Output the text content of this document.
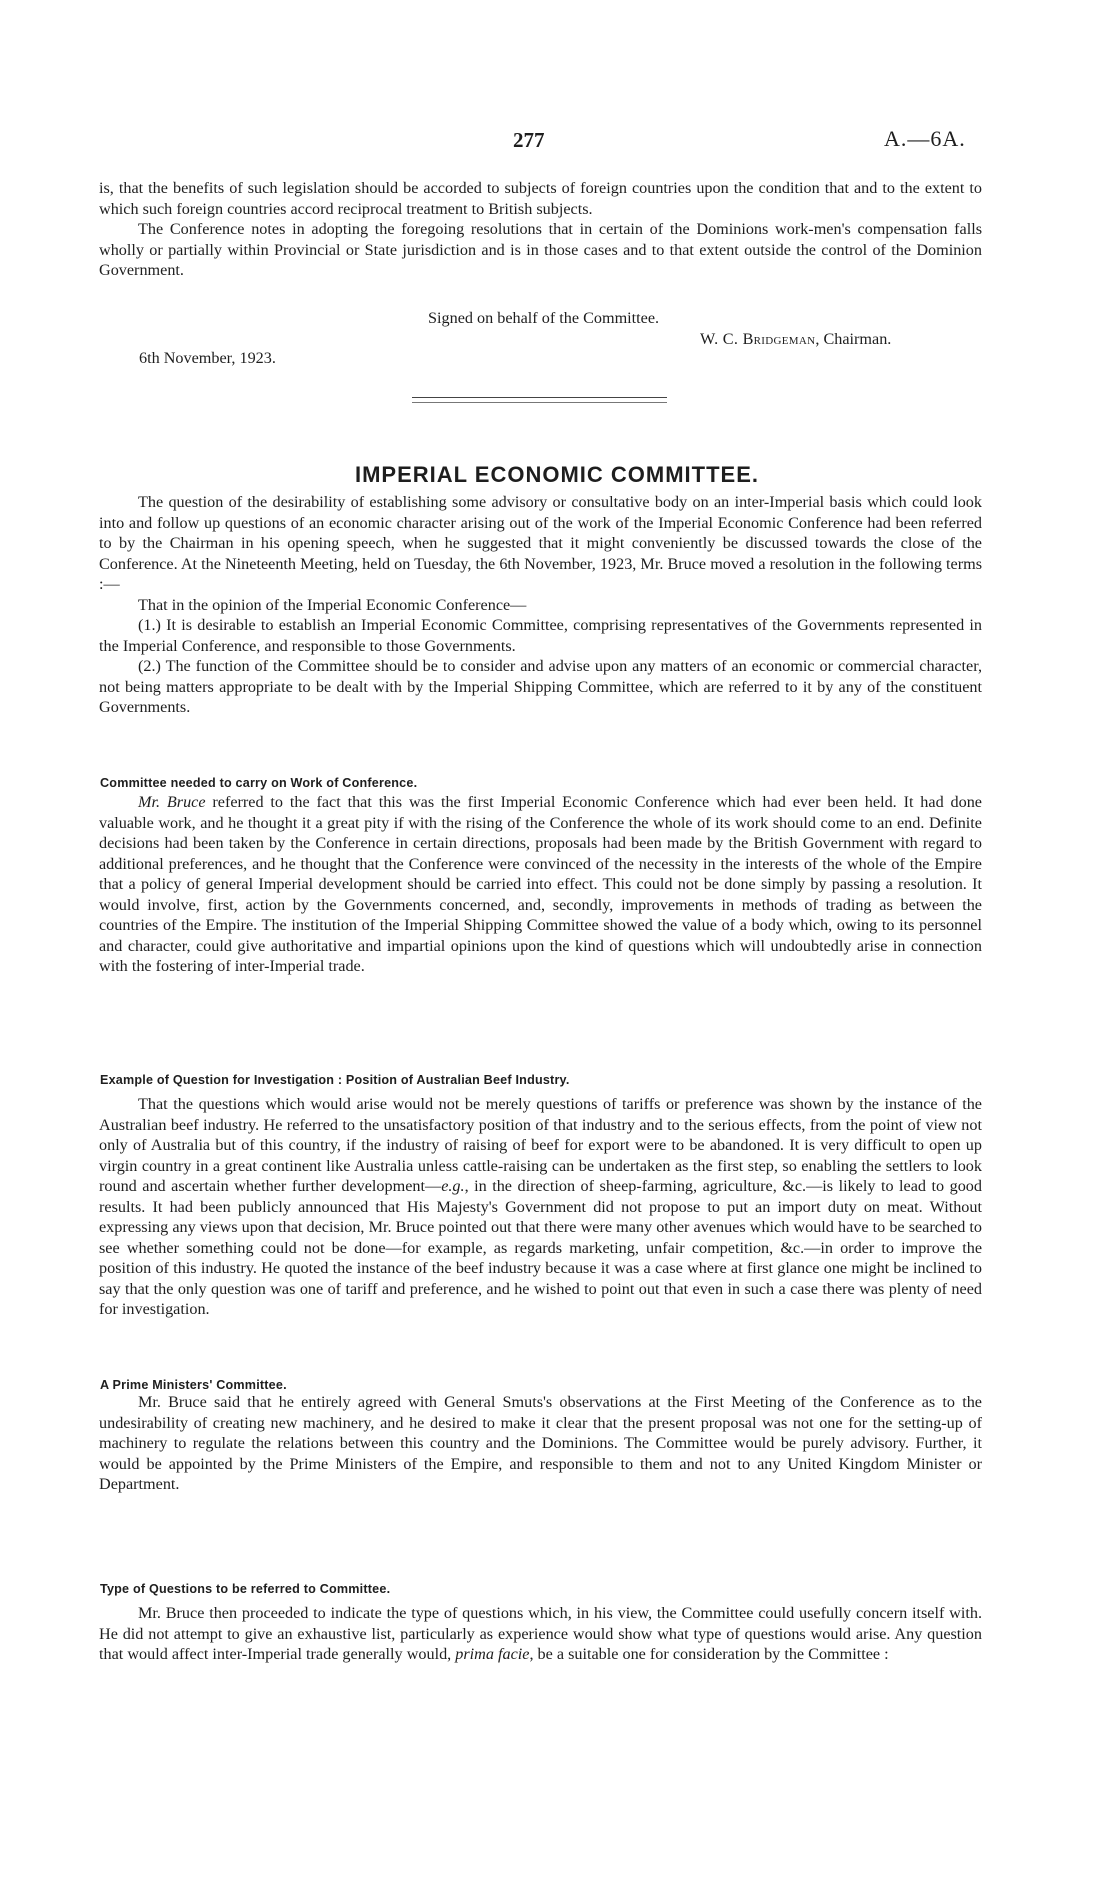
277	A.—6A.

is, that the benefits of such legislation should be accorded to subjects of foreign countries upon the condition that and to the extent to which such foreign countries accord reciprocal treatment to British subjects.

The Conference notes in adopting the foregoing resolutions that in certain of the Dominions work-men's compensation falls wholly or partially within Provincial or State jurisdiction and is in those cases and to that extent outside the control of the Dominion Government.

Signed on behalf of the Committee.
W. C. Bridgeman, Chairman.
6th November, 1923.
IMPERIAL ECONOMIC COMMITTEE.

The question of the desirability of establishing some advisory or consultative body on an inter-Imperial basis which could look into and follow up questions of an economic character arising out of the work of the Imperial Economic Conference had been referred to by the Chairman in his opening speech, when he suggested that it might conveniently be discussed towards the close of the Conference. At the Nineteenth Meeting, held on Tuesday, the 6th November, 1923, Mr. Bruce moved a resolution in the following terms :—

That in the opinion of the Imperial Economic Conference—

(1.) It is desirable to establish an Imperial Economic Committee, comprising representatives of the Governments represented in the Imperial Conference, and responsible to those Governments.

(2.) The function of the Committee should be to consider and advise upon any matters of an economic or commercial character, not being matters appropriate to be dealt with by the Imperial Shipping Committee, which are referred to it by any of the constituent Governments.

Committee needed to carry on Work of Conference.

Mr. Bruce referred to the fact that this was the first Imperial Economic Conference which had ever been held. It had done valuable work, and he thought it a great pity if with the rising of the Conference the whole of its work should come to an end. Definite decisions had been taken by the Conference in certain directions, proposals had been made by the British Government with regard to additional preferences, and he thought that the Conference were convinced of the necessity in the interests of the whole of the Empire that a policy of general Imperial development should be carried into effect. This could not be done simply by passing a resolution. It would involve, first, action by the Governments concerned, and, secondly, improvements in methods of trading as between the countries of the Empire. The institution of the Imperial Shipping Committee showed the value of a body which, owing to its personnel and character, could give authoritative and impartial opinions upon the kind of questions which will undoubtedly arise in connection with the fostering of inter-Imperial trade.

Example of Question for Investigation : Position of Australian Beef Industry.

That the questions which would arise would not be merely questions of tariffs or preference was shown by the instance of the Australian beef industry. He referred to the unsatisfactory position of that industry and to the serious effects, from the point of view not only of Australia but of this country, if the industry of raising of beef for export were to be abandoned. It is very difficult to open up virgin country in a great continent like Australia unless cattle-raising can be undertaken as the first step, so enabling the settlers to look round and ascertain whether further development—e.g., in the direction of sheep-farming, agriculture, &c.—is likely to lead to good results. It had been publicly announced that His Majesty's Government did not propose to put an import duty on meat. Without expressing any views upon that decision, Mr. Bruce pointed out that there were many other avenues which would have to be searched to see whether something could not be done—for example, as regards marketing, unfair competition, &c.—in order to improve the position of this industry. He quoted the instance of the beef industry because it was a case where at first glance one might be inclined to say that the only question was one of tariff and preference, and he wished to point out that even in such a case there was plenty of need for investigation.

A Prime Ministers' Committee.

Mr. Bruce said that he entirely agreed with General Smuts's observations at the First Meeting of the Conference as to the undesirability of creating new machinery, and he desired to make it clear that the present proposal was not one for the setting-up of machinery to regulate the relations between this country and the Dominions. The Committee would be purely advisory. Further, it would be appointed by the Prime Ministers of the Empire, and responsible to them and not to any United Kingdom Minister or Department.

Type of Questions to be referred to Committee.

Mr. Bruce then proceeded to indicate the type of questions which, in his view, the Committee could usefully concern itself with. He did not attempt to give an exhaustive list, particularly as experience would show what type of questions would arise. Any question that would affect inter-Imperial trade generally would, prima facie, be a suitable one for consideration by the Committee :
